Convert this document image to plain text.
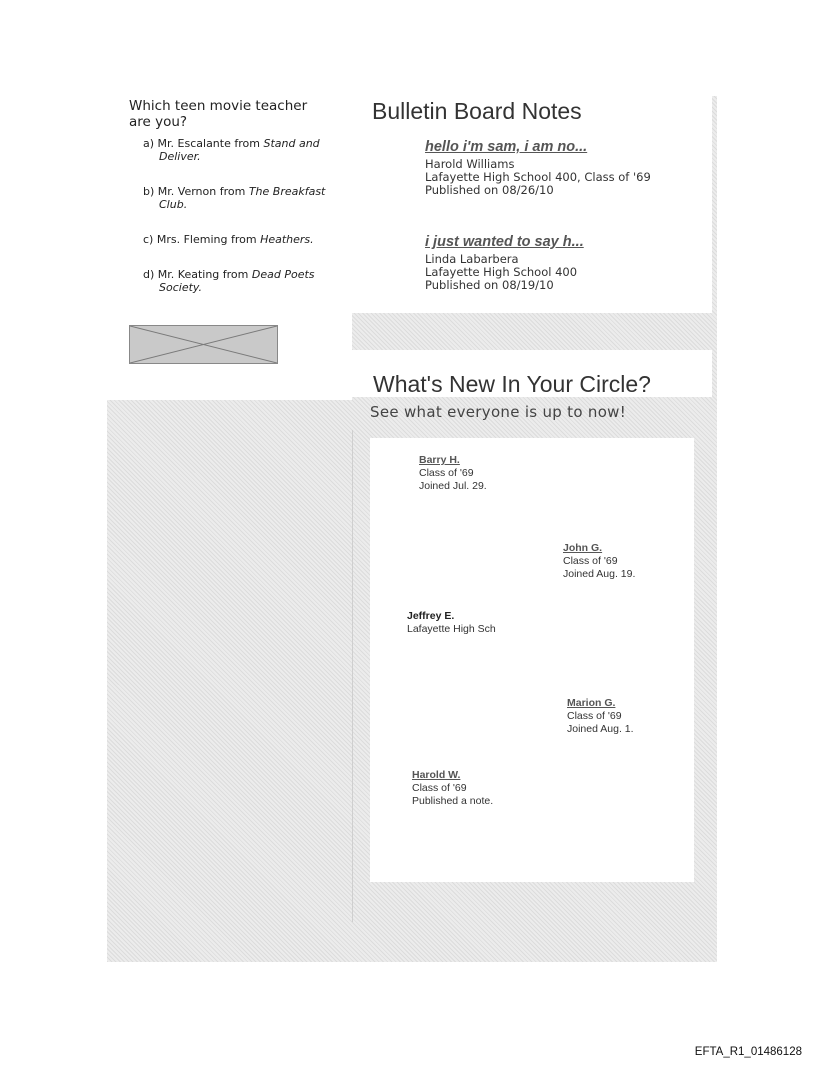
Which teen movie teacher are you?
a) Mr. Escalante from Stand and Deliver.
b) Mr. Vernon from The Breakfast Club.
c) Mrs. Fleming from Heathers.
d) Mr. Keating from Dead Poets Society.
Bulletin Board Notes
hello i'm sam, i am no...
Harold Williams
Lafayette High School 400, Class of '69
Published on 08/26/10
i just wanted to say h...
Linda Labarbera
Lafayette High School 400
Published on 08/19/10
What's New In Your Circle?
See what everyone is up to now!
Barry H.
Class of '69
Joined Jul. 29.
John G.
Class of '69
Joined Aug. 19.
Jeffrey E.
Lafayette High Sch
Marion G.
Class of '69
Joined Aug. 1.
Harold W.
Class of '69
Published a note.
EFTA_R1_01486128
